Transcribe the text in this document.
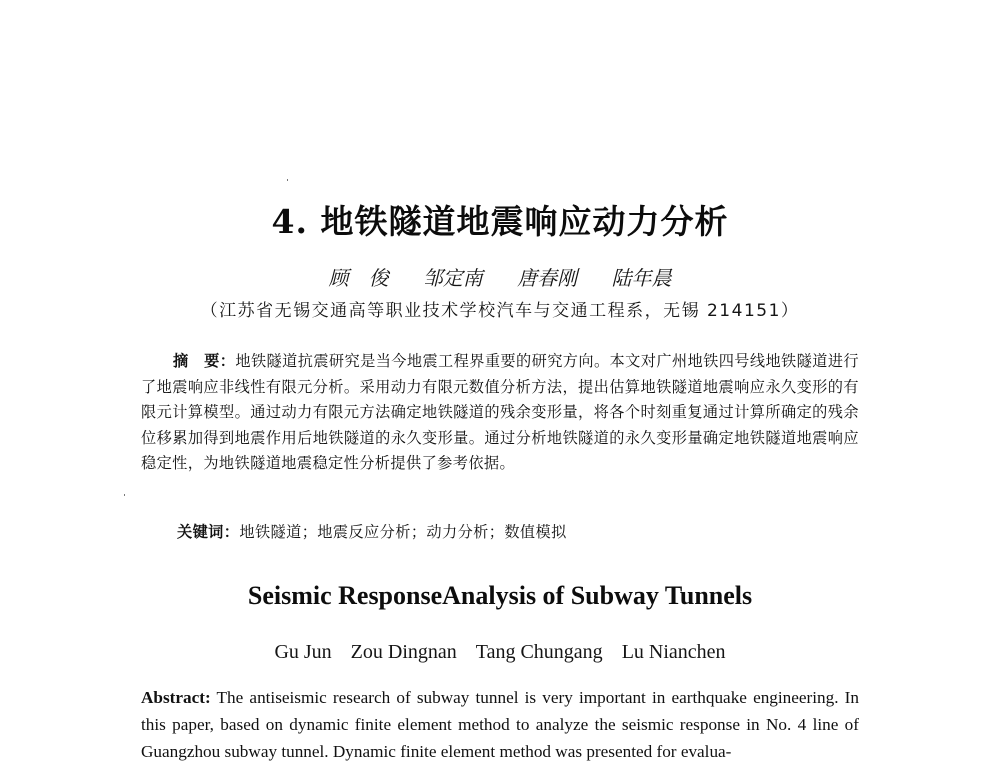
4. 地铁隧道地震响应动力分析
顾　俊 邹定南 唐春刚 陆年晨
（江苏省无锡交通高等职业技术学校汽车与交通工程系，无锡 214151）
摘　要：地铁隧道抗震研究是当今地震工程界重要的研究方向。本文对广州地铁四号线地铁隧道进行了地震响应非线性有限元分析。采用动力有限元数值分析方法，提出估算地铁隧道地震响应永久变形的有限元计算模型。通过动力有限元方法确定地铁隧道的残余变形量，将各个时刻重复通过计算所确定的残余位移累加得到地震作用后地铁隧道的永久变形量。通过分析地铁隧道的永久变形量确定地铁隧道地震响应稳定性，为地铁隧道地震稳定性分析提供了参考依据。
关键词：地铁隧道；地震反应分析；动力分析；数值模拟
Seismic ResponseAnalysis of Subway Tunnels
Gu Jun Zou Dingnan Tang Chungang Lu Nianchen
Abstract: The antiseismic research of subway tunnel is very important in earthquake engineering. In this paper, based on dynamic finite element method to analyze the seismic response in No. 4 line of Guangzhou subway tunnel. Dynamic finite element method was presented for evalua-
